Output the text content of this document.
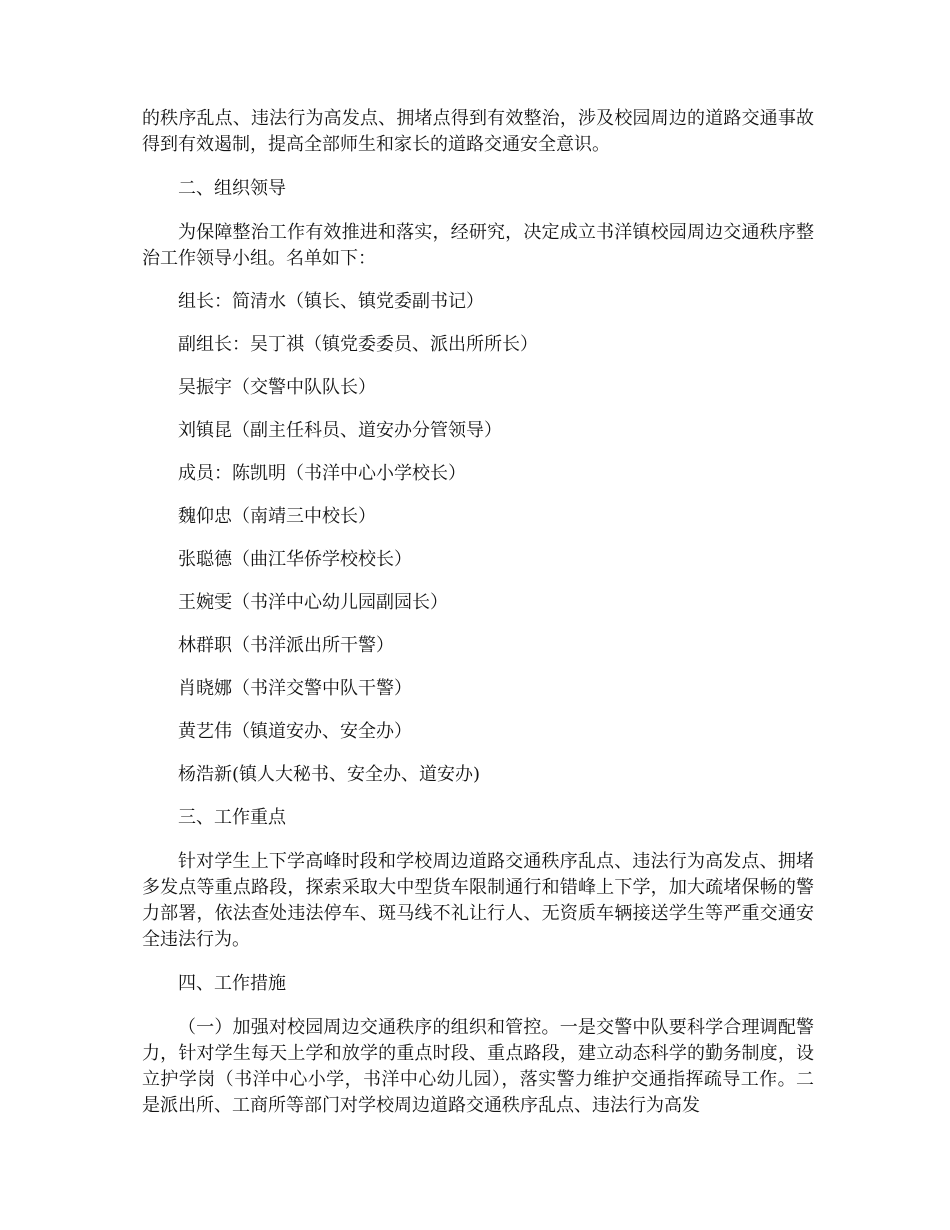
的秩序乱点、违法行为高发点、拥堵点得到有效整治，涉及校园周边的道路交通事故得到有效遏制，提高全部师生和家长的道路交通安全意识。

二、组织领导

为保障整治工作有效推进和落实，经研究，决定成立书洋镇校园周边交通秩序整治工作领导小组。名单如下：

组长：简清水（镇长、镇党委副书记）

副组长：吴丁祺（镇党委委员、派出所所长）

吴振宇（交警中队队长）

刘镇昆（副主任科员、道安办分管领导）

成员：陈凯明（书洋中心小学校长）

魏仰忠（南靖三中校长）

张聪德（曲江华侨学校校长）

王婉雯（书洋中心幼儿园副园长）

林群职（书洋派出所干警）

肖晓娜（书洋交警中队干警）

黄艺伟（镇道安办、安全办）

杨浩新(镇人大秘书、安全办、道安办)

三、工作重点

针对学生上下学高峰时段和学校周边道路交通秩序乱点、违法行为高发点、拥堵多发点等重点路段，探索采取大中型货车限制通行和错峰上下学，加大疏堵保畅的警力部署，依法查处违法停车、斑马线不礼让行人、无资质车辆接送学生等严重交通安全违法行为。

四、工作措施

（一）加强对校园周边交通秩序的组织和管控。一是交警中队要科学合理调配警力，针对学生每天上学和放学的重点时段、重点路段，建立动态科学的勤务制度，设立护学岗（书洋中心小学，书洋中心幼儿园），落实警力维护交通指挥疏导工作。二是派出所、工商所等部门对学校周边道路交通秩序乱点、违法行为高发
